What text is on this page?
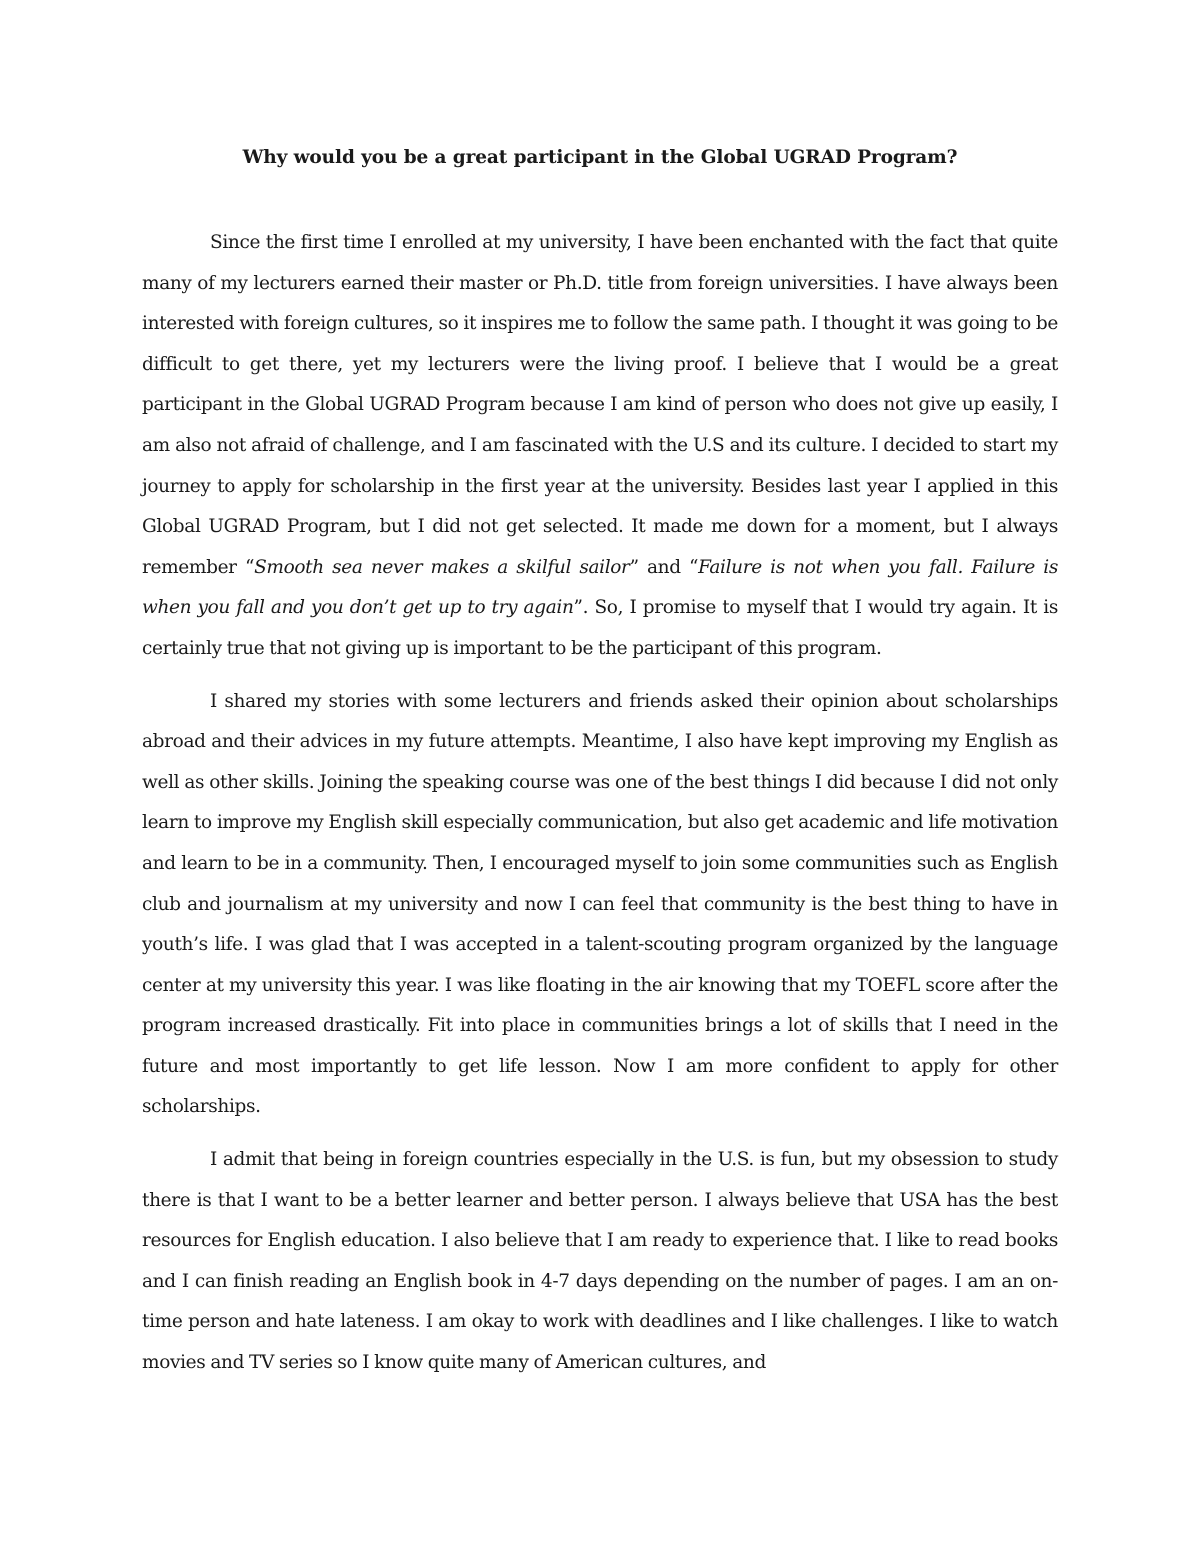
Why would you be a great participant in the Global UGRAD Program?

Since the first time I enrolled at my university, I have been enchanted with the fact that quite many of my lecturers earned their master or Ph.D. title from foreign universities. I have always been interested with foreign cultures, so it inspires me to follow the same path. I thought it was going to be difficult to get there, yet my lecturers were the living proof. I believe that I would be a great participant in the Global UGRAD Program because I am kind of person who does not give up easily, I am also not afraid of challenge, and I am fascinated with the U.S and its culture. I decided to start my journey to apply for scholarship in the first year at the university. Besides last year I applied in this Global UGRAD Program, but I did not get selected. It made me down for a moment, but I always remember “Smooth sea never makes a skilful sailor” and “Failure is not when you fall. Failure is when you fall and you don’t get up to try again”. So, I promise to myself that I would try again. It is certainly true that not giving up is important to be the participant of this program.

I shared my stories with some lecturers and friends asked their opinion about scholarships abroad and their advices in my future attempts. Meantime, I also have kept improving my English as well as other skills. Joining the speaking course was one of the best things I did because I did not only learn to improve my English skill especially communication, but also get academic and life motivation and learn to be in a community. Then, I encouraged myself to join some communities such as English club and journalism at my university and now I can feel that community is the best thing to have in youth’s life. I was glad that I was accepted in a talent-scouting program organized by the language center at my university this year. I was like floating in the air knowing that my TOEFL score after the program increased drastically. Fit into place in communities brings a lot of skills that I need in the future and most importantly to get life lesson. Now I am more confident to apply for other scholarships.

I admit that being in foreign countries especially in the U.S. is fun, but my obsession to study there is that I want to be a better learner and better person. I always believe that USA has the best resources for English education. I also believe that I am ready to experience that. I like to read books and I can finish reading an English book in 4-7 days depending on the number of pages. I am an on-time person and hate lateness. I am okay to work with deadlines and I like challenges. I like to watch movies and TV series so I know quite many of American cultures, and
